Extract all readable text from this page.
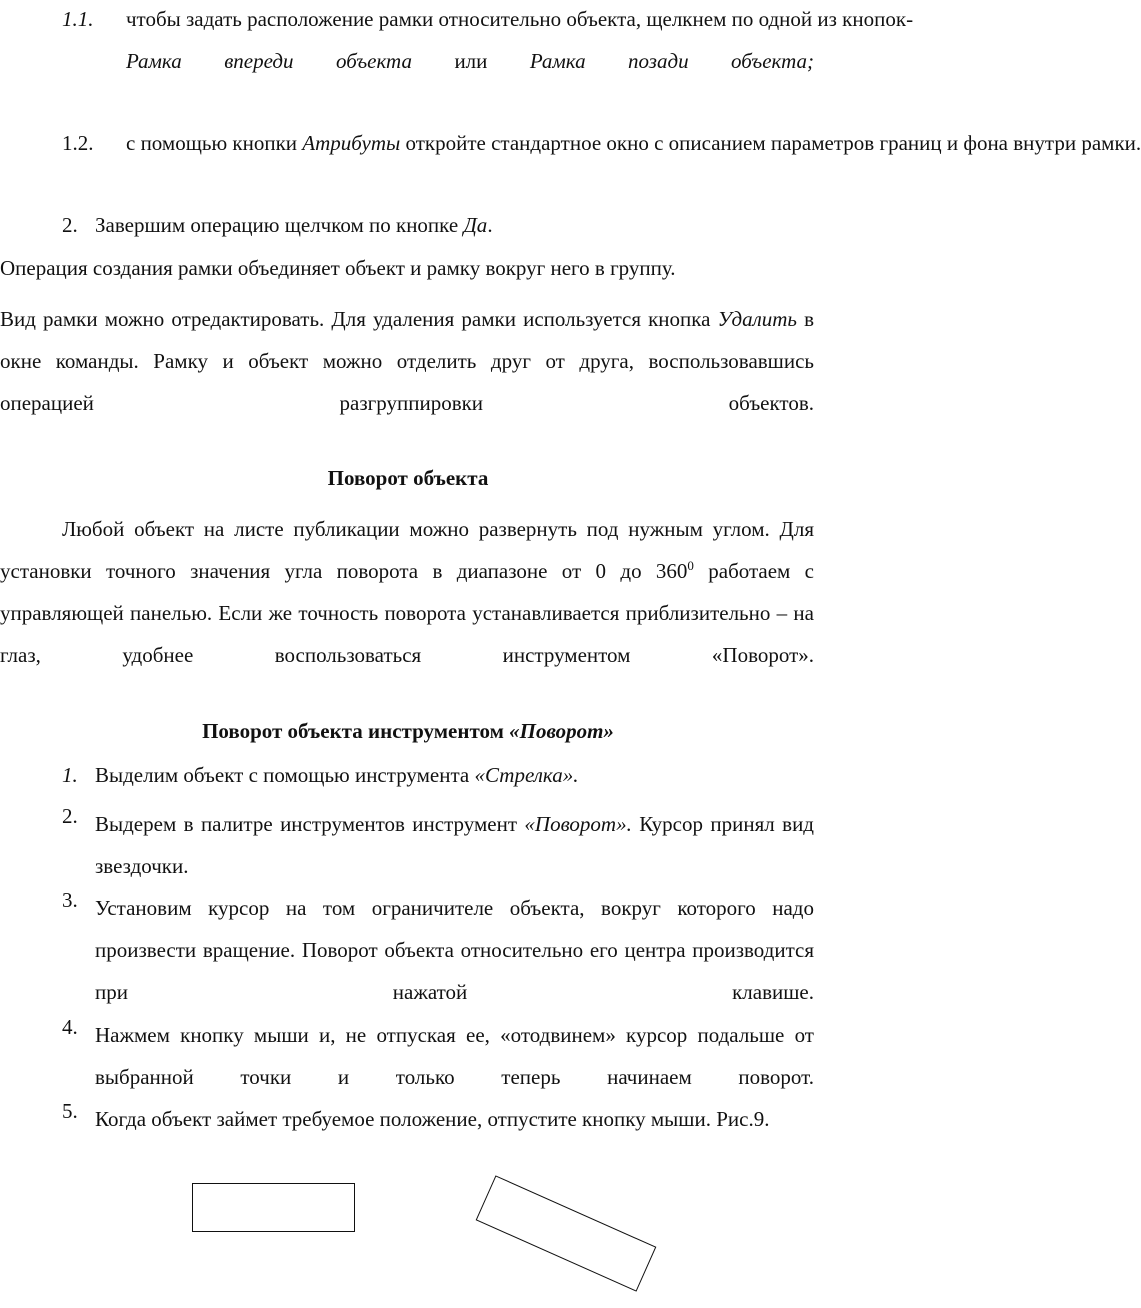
1.1. чтобы задать расположение рамки относительно объекта, щелкнем по одной из кнопок-
Рамка впереди объекта или Рамка позади объекта;
1.2. с помощью кнопки Атрибуты откройте стандартное окно с описанием параметров границ и фона внутри рамки.
2. Завершим операцию щелчком по кнопке Да.
Операция создания рамки объединяет объект и рамку вокруг него в группу.
Вид рамки можно отредактировать. Для удаления рамки используется кнопка Удалить в окне команды. Рамку и объект можно отделить друг от друга, воспользовавшись операцией разгруппировки объектов.
Поворот объекта
Любой объект на листе публикации можно развернуть под нужным углом. Для установки точного значения угла поворота в диапазоне от 0 до $360^0$ работаем с управляющей панелью. Если же точность поворота устанавливается приблизительно – на глаз, удобнее воспользоваться инструментом «Поворот».
Поворот объекта инструментом «Поворот»
1. Выделим объект с помощью инструмента «Стрелка».
2. Выдерем в палитре инструментов инструмент «Поворот». Курсор принял вид звездочки.
3. Установим курсор на том ограничителе объекта, вокруг которого надо произвести вращение. Поворот объекта относительно его центра производится при нажатой клавише.
4. Нажмем кнопку мыши и, не отпуская ее, «отодвинем» курсор подальше от выбранной точки и только теперь начинаем поворот.
5. Когда объект займет требуемое положение, отпустите кнопку мыши. Рис.9.
